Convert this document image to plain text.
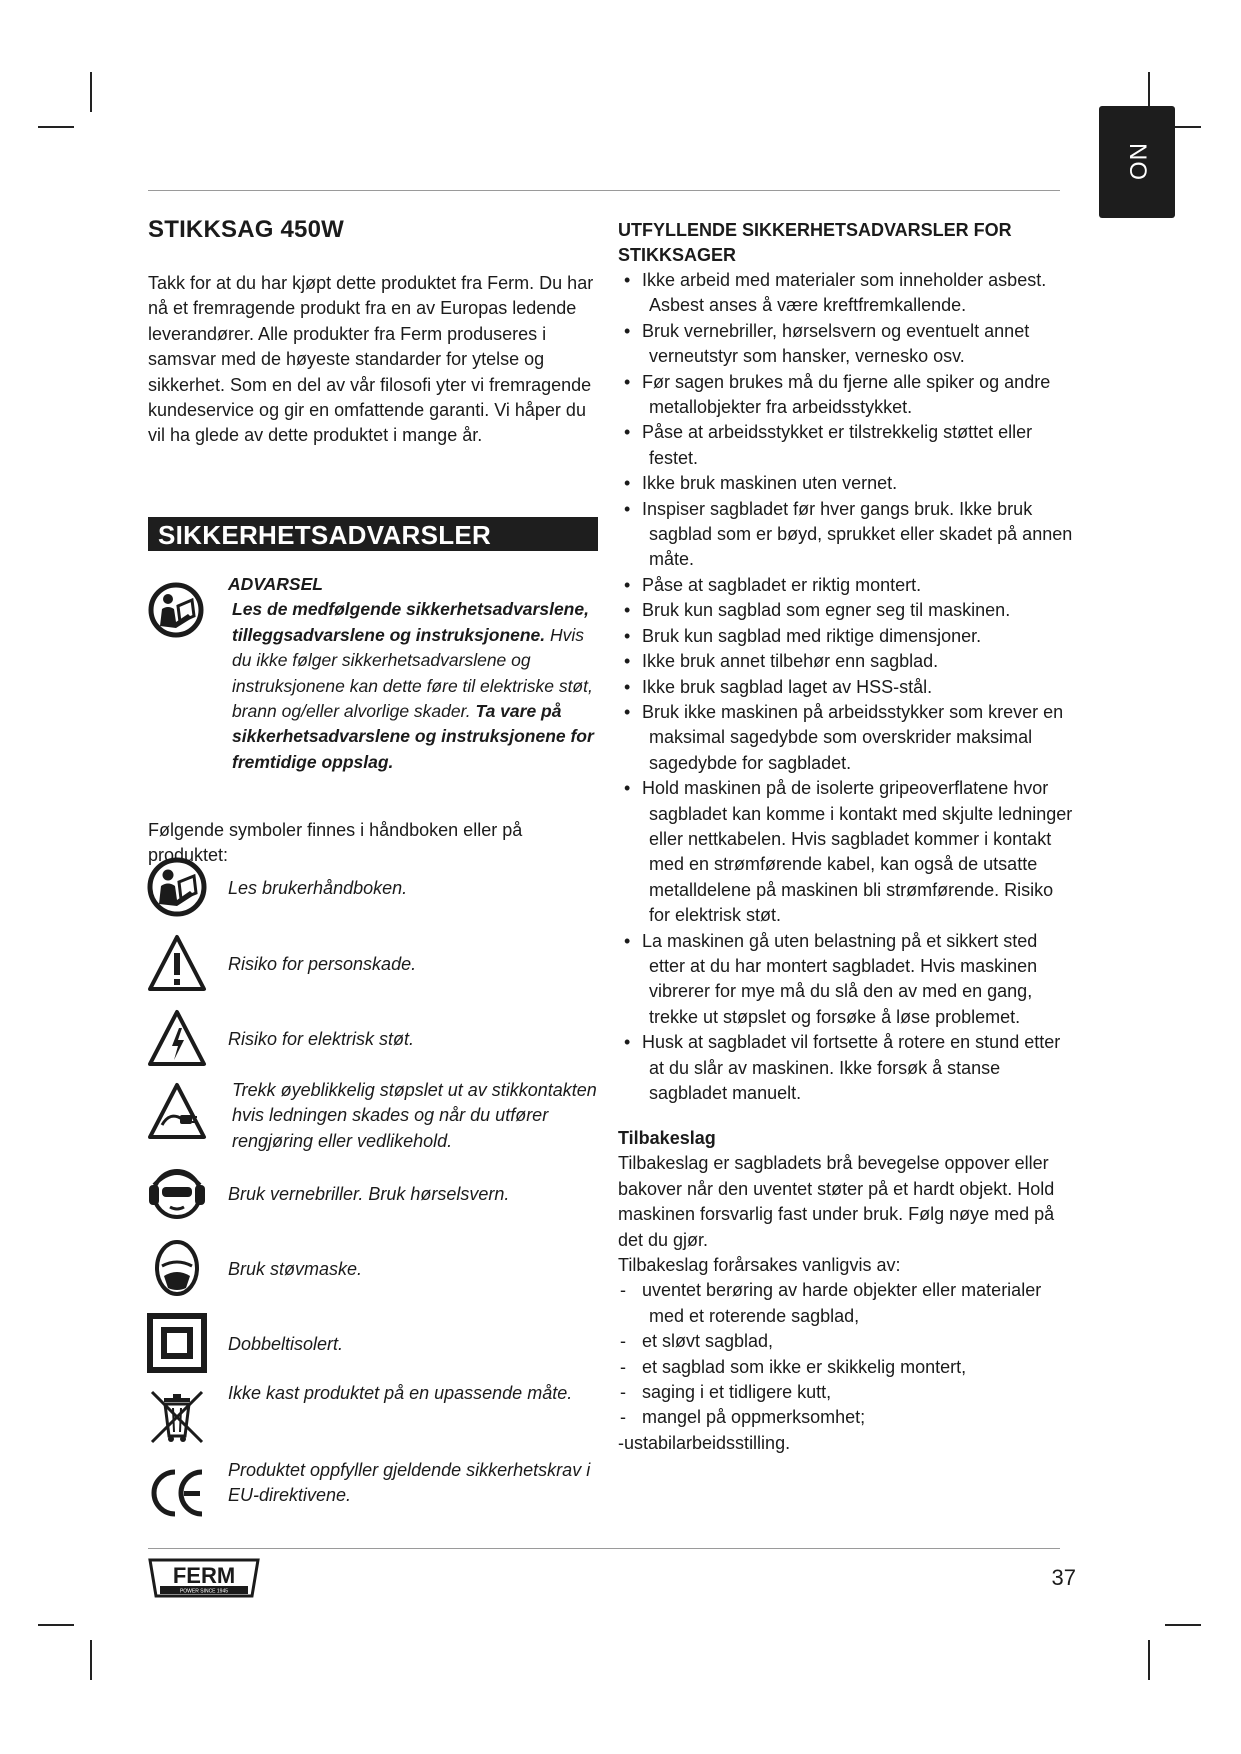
NO
STIKKSAG 450W

Takk for at du har kjøpt dette produktet fra Ferm. Du har nå et fremragende produkt fra en av Europas ledende leverandører. Alle produkter fra Ferm produseres i samsvar med de høyeste standarder for ytelse og sikkerhet. Som en del av vår filosofi yter vi fremragende kundeservice og gir en omfattende garanti. Vi håper du vil ha glede av dette produktet i mange år.

SIKKERHETSADVARSLER
ADVARSEL
Les de medfølgende sikkerhetsadvarslene, tilleggsadvarslene og instruksjonene. Hvis du ikke følger sikkerhetsadvarslene og instruksjonene kan dette føre til elektriske støt, brann og/eller alvorlige skader. Ta vare på sikkerhetsadvarslene og instruksjonene for fremtidige oppslag.

Følgende symboler finnes i håndboken eller på produktet:

Les brukerhåndboken.
Risiko for personskade.
Risiko for elektrisk støt.
Trekk øyeblikkelig støpslet ut av stikkontakten hvis ledningen skades og når du utfører rengjøring eller vedlikehold.
Bruk vernebriller. Bruk hørselsvern.
Bruk støvmaske.
Dobbeltisolert.
Ikke kast produktet på en upassende måte.
Produktet oppfyller gjeldende sikkerhetskrav i EU-direktivene.
UTFYLLENDE SIKKERHETSADVARSLER FOR STIKKSAGER
• Ikke arbeid med materialer som inneholder asbest. Asbest anses å være kreftfremkallende.
• Bruk vernebriller, hørselsvern og eventuelt annet verneutstyr som hansker, vernesko osv.
• Før sagen brukes må du fjerne alle spiker og andre metallobjekter fra arbeidsstykket.
• Påse at arbeidsstykket er tilstrekkelig støttet eller festet.
• Ikke bruk maskinen uten vernet.
• Inspiser sagbladet før hver gangs bruk. Ikke bruk sagblad som er bøyd, sprukket eller skadet på annen måte.
• Påse at sagbladet er riktig montert.
• Bruk kun sagblad som egner seg til maskinen.
• Bruk kun sagblad med riktige dimensjoner.
• Ikke bruk annet tilbehør enn sagblad.
• Ikke bruk sagblad laget av HSS-stål.
• Bruk ikke maskinen på arbeidsstykker som krever en maksimal sagedybde som overskrider maksimal sagedybde for sagbladet.
• Hold maskinen på de isolerte gripeoverflatene hvor sagbladet kan komme i kontakt med skjulte ledninger eller nettkabelen. Hvis sagbladet kommer i kontakt med en strømførende kabel, kan også de utsatte metalldelene på maskinen bli strømførende. Risiko for elektrisk støt.
• La maskinen gå uten belastning på et sikkert sted etter at du har montert sagbladet. Hvis maskinen vibrerer for mye må du slå den av med en gang, trekke ut støpslet og forsøke å løse problemet.
• Husk at sagbladet vil fortsette å rotere en stund etter at du slår av maskinen. Ikke forsøk å stanse sagbladet manuelt.
Tilbakeslag

Tilbakeslag er sagbladets brå bevegelse oppover eller bakover når den uventet støter på et hardt objekt. Hold maskinen forsvarlig fast under bruk. Følg nøye med på det du gjør.

Tilbakeslag forårsakes vanligvis av:

- uventet berøring av harde objekter eller materialer med et roterende sagblad,
- et sløvt sagblad,
- et sagblad som ikke er skikkelig montert,
- saging i et tidligere kutt,
- mangel på oppmerksomhet;

-ustabilarbeidsstilling.

FERM
POWER SINCE 1945
37
